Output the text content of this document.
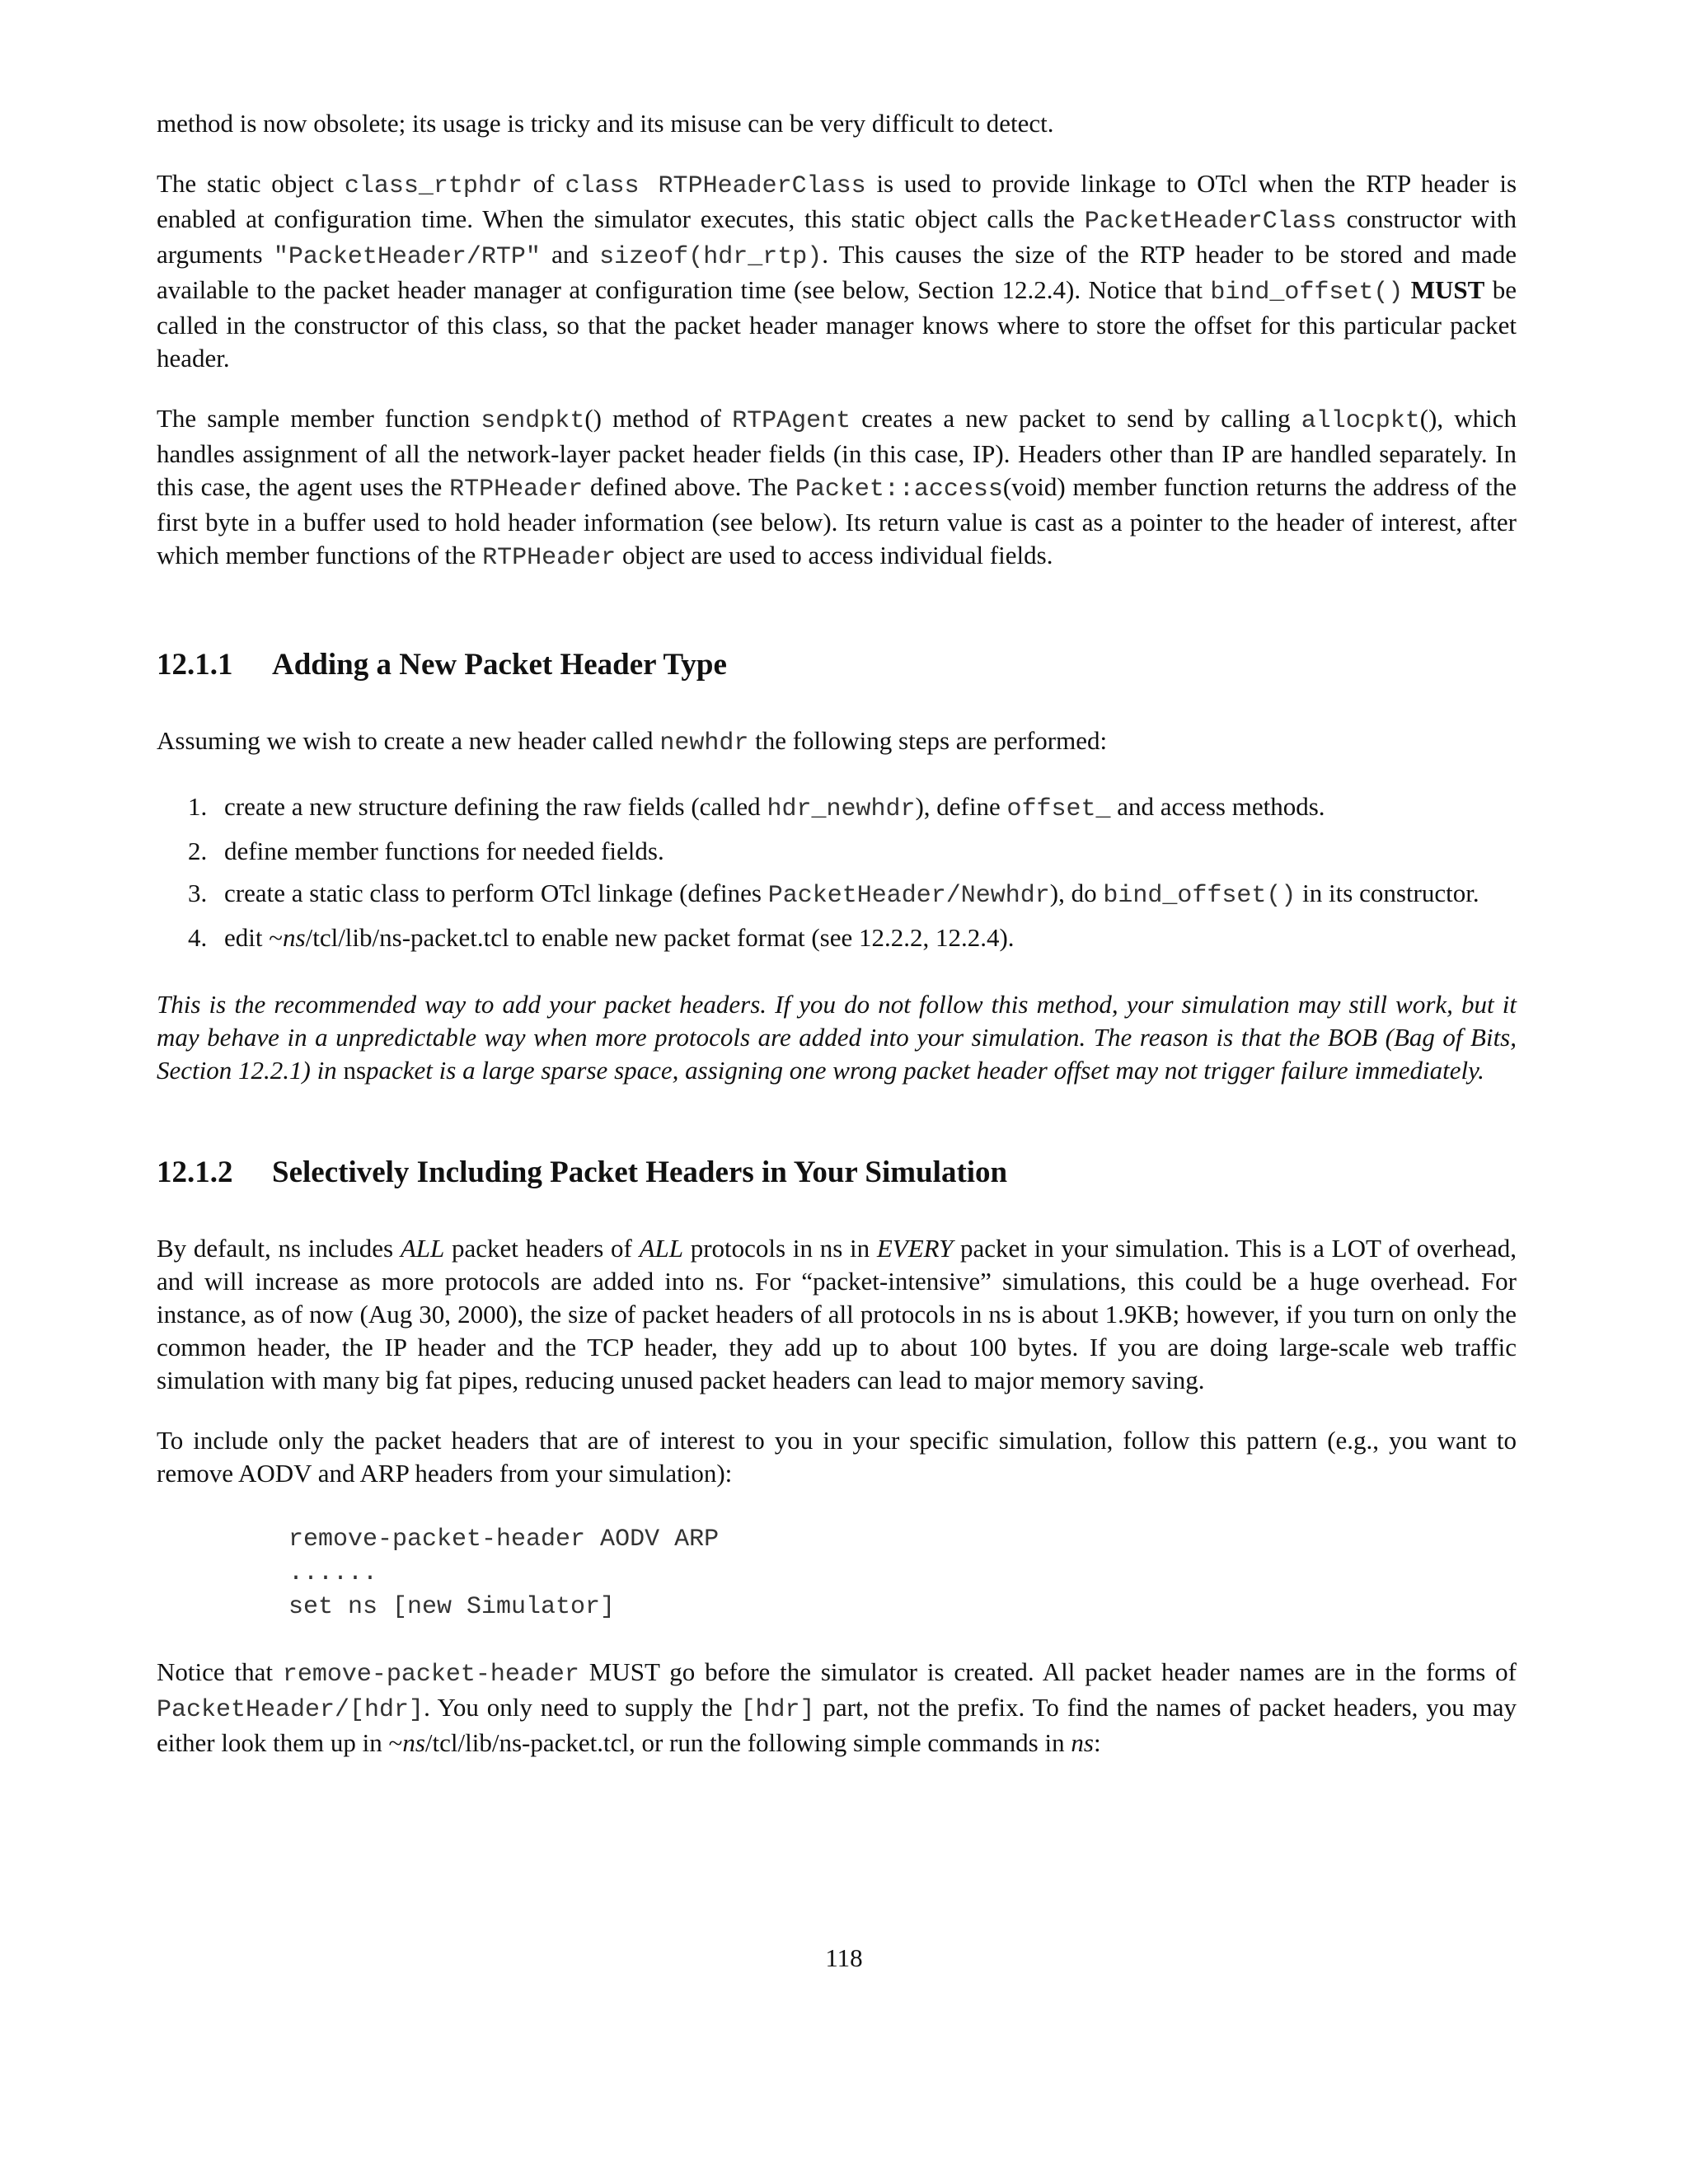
method is now obsolete; its usage is tricky and its misuse can be very difficult to detect.

The static object class_rtphdr of class RTPHeaderClass is used to provide linkage to OTcl when the RTP header is enabled at configuration time. When the simulator executes, this static object calls the PacketHeaderClass constructor with arguments "PacketHeader/RTP" and sizeof(hdr_rtp). This causes the size of the RTP header to be stored and made available to the packet header manager at configuration time (see below, Section 12.2.4). Notice that bind_offset() MUST be called in the constructor of this class, so that the packet header manager knows where to store the offset for this particular packet header.

The sample member function sendpkt() method of RTPAgent creates a new packet to send by calling allocpkt(), which handles assignment of all the network-layer packet header fields (in this case, IP). Headers other than IP are handled separately. In this case, the agent uses the RTPHeader defined above. The Packet::access(void) member function returns the address of the first byte in a buffer used to hold header information (see below). Its return value is cast as a pointer to the header of interest, after which member functions of the RTPHeader object are used to access individual fields.

12.1.1 Adding a New Packet Header Type

Assuming we wish to create a new header called newhdr the following steps are performed:

1. create a new structure defining the raw fields (called hdr_newhdr), define offset_ and access methods.
2. define member functions for needed fields.
3. create a static class to perform OTcl linkage (defines PacketHeader/Newhdr), do bind_offset() in its constructor.
4. edit ~ns/tcl/lib/ns-packet.tcl to enable new packet format (see 12.2.2, 12.2.4).

This is the recommended way to add your packet headers. If you do not follow this method, your simulation may still work, but it may behave in a unpredictable way when more protocols are added into your simulation. The reason is that the BOB (Bag of Bits, Section 12.2.1) in nspacket is a large sparse space, assigning one wrong packet header offset may not trigger failure immediately.

12.1.2 Selectively Including Packet Headers in Your Simulation

By default, ns includes ALL packet headers of ALL protocols in ns in EVERY packet in your simulation. This is a LOT of overhead, and will increase as more protocols are added into ns. For “packet-intensive” simulations, this could be a huge overhead. For instance, as of now (Aug 30, 2000), the size of packet headers of all protocols in ns is about 1.9KB; however, if you turn on only the common header, the IP header and the TCP header, they add up to about 100 bytes. If you are doing large-scale web traffic simulation with many big fat pipes, reducing unused packet headers can lead to major memory saving.

To include only the packet headers that are of interest to you in your specific simulation, follow this pattern (e.g., you want to remove AODV and ARP headers from your simulation):

remove-packet-header AODV ARP
......
set ns [new Simulator]

Notice that remove-packet-header MUST go before the simulator is created. All packet header names are in the forms of PacketHeader/[hdr]. You only need to supply the [hdr] part, not the prefix. To find the names of packet headers, you may either look them up in ~ns/tcl/lib/ns-packet.tcl, or run the following simple commands in ns:

118
